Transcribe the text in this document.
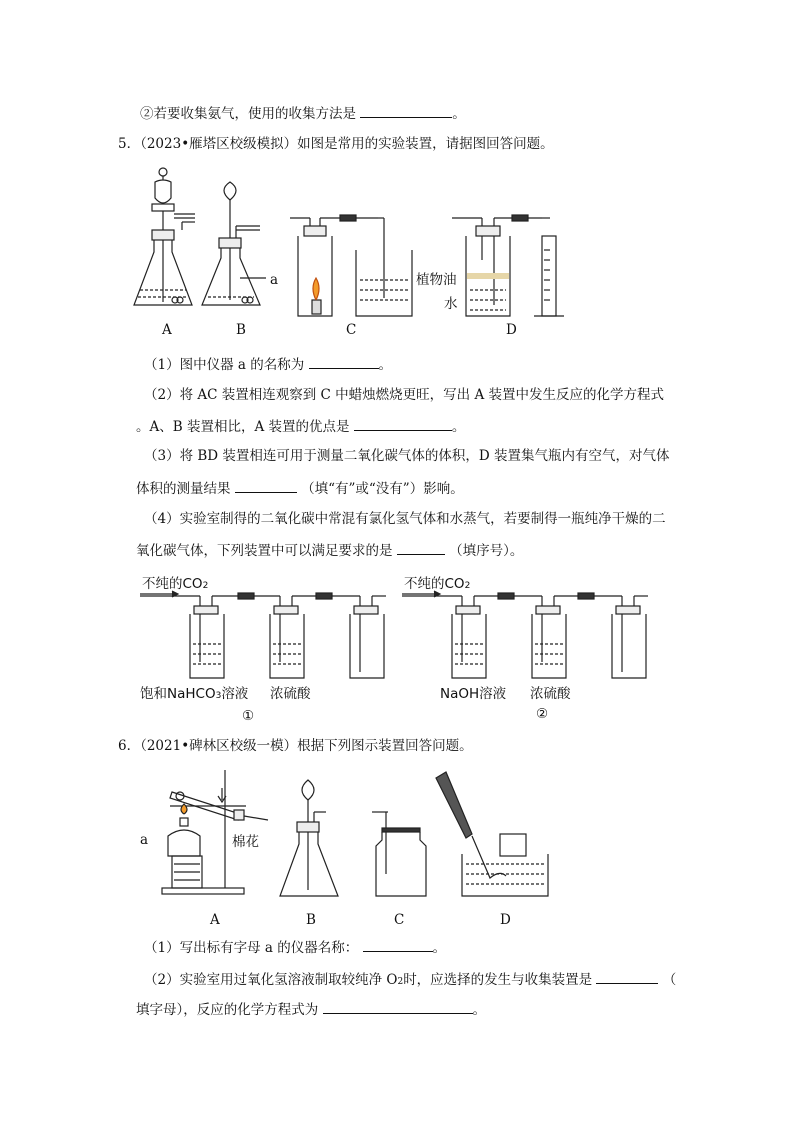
②若要收集氨气，使用的收集方法是	。
5．（2023•雁塔区校级模拟）如图是常用的实验装置，请据图回答问题。
a	植物油
水
A	B	C	D
（1）图中仪器 a 的名称为	。
（2）将 AC 装置相连观察到 C 中蜡烛燃烧更旺，写出 A 装置中发生反应的化学方程式
。A、B 装置相比，A 装置的优点是	。
（3）将 BD 装置相连可用于测量二氧化碳气体的体积，D 装置集气瓶内有空气，对气体
体积的测量结果	（填“有”或“没有”）影响。
（4）实验室制得的二氧化碳中常混有氯化氢气体和水蒸气，若要制得一瓶纯净干燥的二
氧化碳气体，下列装置中可以满足要求的是	（填序号）。
不纯的CO2	不纯的CO2
饱和NaHCO3溶液 浓硫酸
①
NaOH溶液 浓硫酸
②
6．（2021•碑林区校级一模）根据下列图示装置回答问题。
a	棉花
A	B	C	D
（1）写出标有字母 a 的仪器名称：	。
（2）实验室用过氧化氢溶液制取较纯净 O2时，应选择的发生与收集装置是	（
填字母），反应的化学方程式为	。
